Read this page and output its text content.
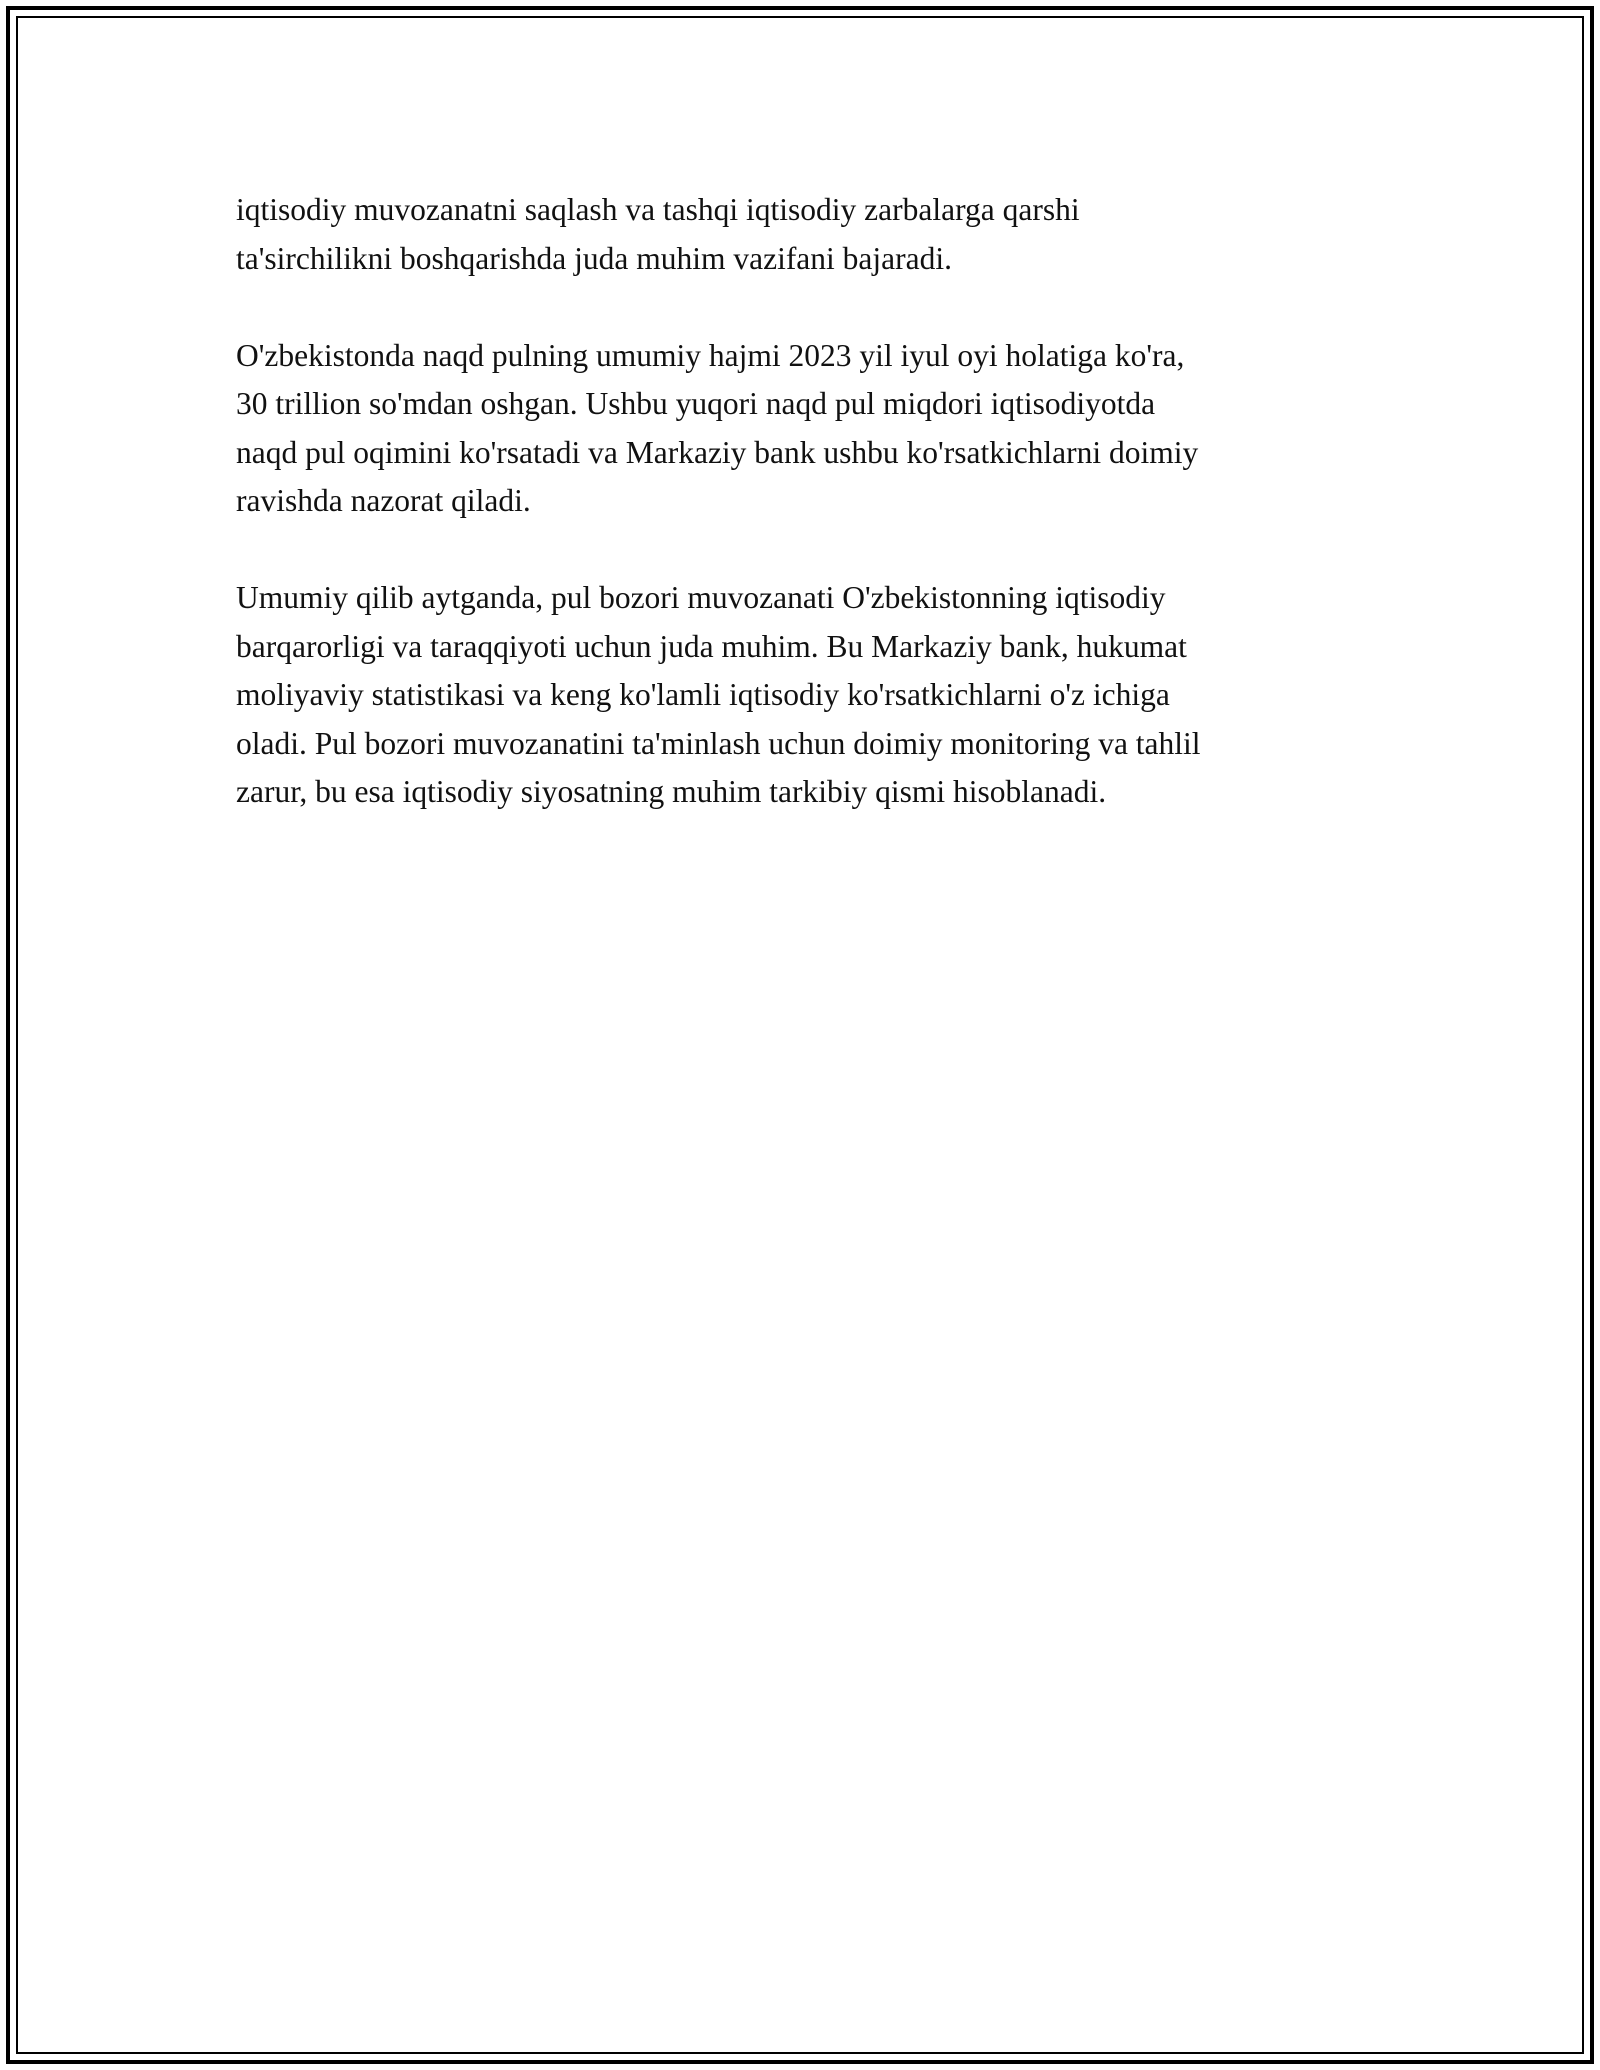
iqtisodiy muvozanatni saqlash va tashqi iqtisodiy zarbalarga qarshi
ta'sirchilikni boshqarishda juda muhim vazifani bajaradi.

O'zbekistonda naqd pulning umumiy hajmi 2023 yil iyul oyi holatiga ko'ra,
30 trillion so'mdan oshgan. Ushbu yuqori naqd pul miqdori iqtisodiyotda
naqd pul oqimini ko'rsatadi va Markaziy bank ushbu ko'rsatkichlarni doimiy
ravishda nazorat qiladi.

Umumiy qilib aytganda, pul bozori muvozanati O'zbekistonning iqtisodiy
barqarorligi va taraqqiyoti uchun juda muhim. Bu Markaziy bank, hukumat
moliyaviy statistikasi va keng ko'lamli iqtisodiy ko'rsatkichlarni o'z ichiga
oladi. Pul bozori muvozanatini ta'minlash uchun doimiy monitoring va tahlil
zarur, bu esa iqtisodiy siyosatning muhim tarkibiy qismi hisoblanadi.
